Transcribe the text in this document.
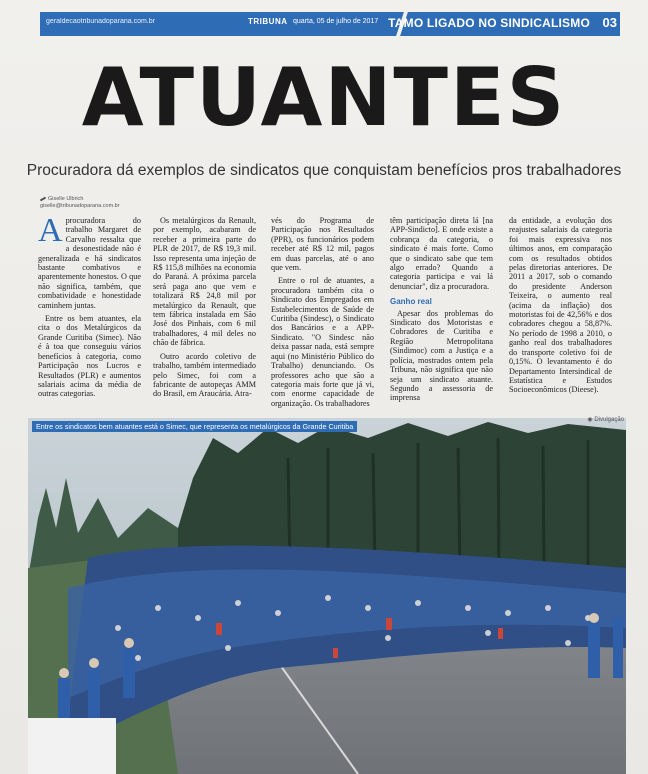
geraldecaotribunadoparana.com.br	TRIBUNA quarta, 05 de julho de 2017 TAMO LIGADO NO SINDICALISMO 03
ATUANTES
Procuradora dá exemplos de sindicatos que conquistam benefícios pros trabalhadores
Giselle Ulbrich
giselle@tribunadoparana.com.br

Aprocuradora do trabalho Margaret de Carvalho ressalta que a desonestidade não é generalizada e há sindicatos bastante combativos e aparentemente honestos. O que não significa, também, que combatividade e honestidade caminhem juntas.

Entre os bem atuantes, ela cita o dos Metalúrgicos da Grande Curitiba (Simec). Não é à toa que conseguiu vários benefícios à categoria, como Participação nos Lucros e Resultados (PLR) e aumentos salariais acima da média de outras categorias.

Os metalúrgicos da Renault, por exemplo, acabaram de receber a primeira parte do PLR de 2017, de R$ 19,3 mil. Isso representa uma injeção de R$ 115,8 milhões na economia do Paraná. A próxima parcela será paga ano que vem e totalizará R$ 24,8 mil por metalúrgico da Renault, que tem fábrica instalada em São José dos Pinhais, com 6 mil trabalhadores, 4 mil deles no chão de fábrica.

Outro acordo coletivo de trabalho, também intermediado pelo Simec, foi com a fabricante de autopeças AMM do Brasil, em Araucária. Atra-

vés do Programa de Participação nos Resultados (PPR), os funcionários podem receber até R$ 12 mil, pagos em duas parcelas, até o ano que vem.

Entre o rol de atuantes, a procuradora também cita o Sindicato dos Empregados em Estabelecimentos de Saúde de Curitiba (Sindesc), o Sindicato dos Bancários e a APP-Sindicato. "O Sindesc não deixa passar nada, está sempre aqui (no Ministério Público do Trabalho) denunciando. Os professores acho que são a categoria mais forte que já vi, com enorme capacidade de organização. Os trabalhadores

têm participação direta lá [na APP-Sindicto]. E onde existe a cobrança da categoria, o sindicato é mais forte. Como que o sindicato sabe que tem algo errado? Quando a categoria participa e vai lá denunciar", diz a procuradora.

Ganho real

Apesar dos problemas do Sindicato dos Motoristas e Cobradores de Curitiba e Região Metropolitana (Sindimoc) com a Justiça e a polícia, mostrados ontem pela Tribuna, não significa que não seja um sindicato atuante. Segundo a assessoria de imprensa

da entidade, a evolução dos reajustes salariais da categoria foi mais expressiva nos últimos anos, em comparação com os resultados obtidos pelas diretorias anteriores. De 2011 a 2017, sob o comando do presidente Anderson Teixeira, o aumento real (acima da inflação) dos motoristas foi de 42,56% e dos cobradores chegou a 58,87%. No período de 1998 a 2010, o ganho real dos trabalhadores do transporte coletivo foi de 0,15%. O levantamento é do Departamento Intersindical de Estatística e Estudos Socioeconômicos (Dieese).

Entre os sindicatos bem atuantes está o Simec, que representa os metalúrgicos da Grande Curitiba
◉ Divulgação
